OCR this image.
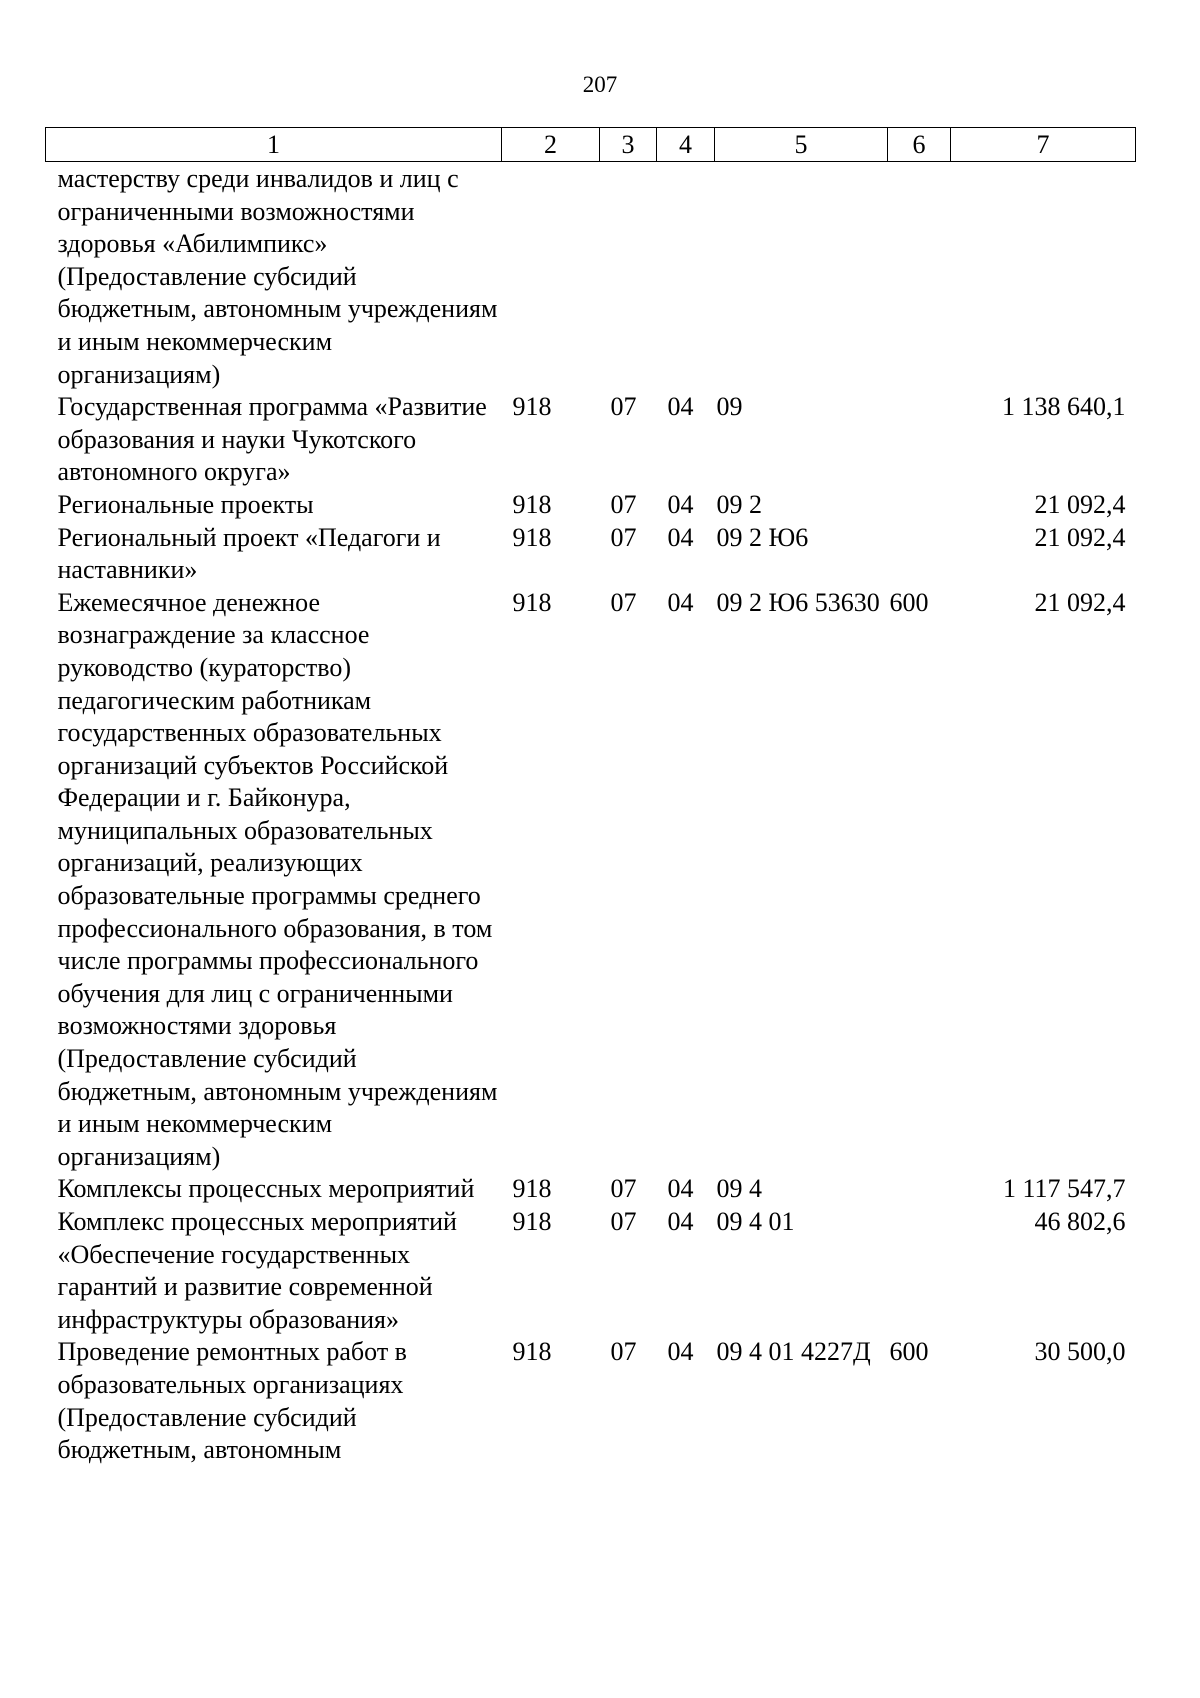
207
1	2	3	4	5	6	7
мастерству среди инвалидов и лиц с ограниченными возможностями здоровья «Абилимпикс» (Предоставление субсидий бюджетным, автономным учреждениям и иным некоммерческим организациям)						
Государственная программа «Развитие образования и науки Чукотского автономного округа»	918	07	04	09		1 138 640,1
Региональные проекты	918	07	04	09 2		21 092,4
Региональный проект «Педагоги и наставники»	918	07	04	09 2 Ю6		21 092,4
Ежемесячное денежное вознаграждение за классное руководство (кураторство) педагогическим работникам государственных образовательных организаций субъектов Российской Федерации и г. Байконура, муниципальных образовательных организаций, реализующих образовательные программы среднего профессионального образования, в том числе программы профессионального обучения для лиц с ограниченными возможностями здоровья (Предоставление субсидий бюджетным, автономным учреждениям и иным некоммерческим организациям)	918	07	04	09 2 Ю6 53630	600	21 092,4
Комплексы процессных мероприятий	918	07	04	09 4		1 117 547,7
Комплекс процессных мероприятий «Обеспечение государственных гарантий и развитие современной инфраструктуры образования»	918	07	04	09 4 01		46 802,6
Проведение ремонтных работ в образовательных организациях (Предоставление субсидий бюджетным, автономным	918	07	04	09 4 01 4227Д	600	30 500,0
